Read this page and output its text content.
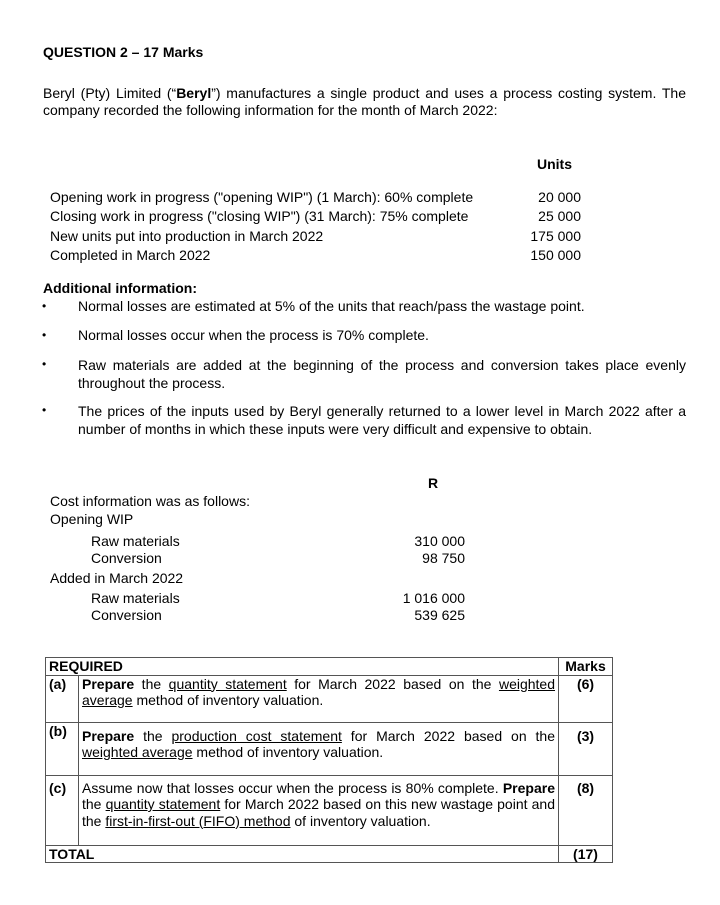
QUESTION 2 – 17 Marks
Beryl (Pty) Limited (“Beryl”) manufactures a single product and uses a process costing system. The company recorded the following information for the month of March 2022:
Units
Opening work in progress ("opening WIP") (1 March): 60% complete	20 000
Closing work in progress ("closing WIP") (31 March): 75% complete	25 000
New units put into production in March 2022	175 000
Completed in March 2022	150 000
Additional information:
• Normal losses are estimated at 5% of the units that reach/pass the wastage point.
• Normal losses occur when the process is 70% complete.
• Raw materials are added at the beginning of the process and conversion takes place evenly throughout the process.
• The prices of the inputs used by Beryl generally returned to a lower level in March 2022 after a number of months in which these inputs were very difficult and expensive to obtain.
R
Cost information was as follows:
Opening WIP
Raw materials	310 000
Conversion	98 750
Added in March 2022
Raw materials	1 016 000
Conversion	539 625
REQUIRED		Marks
(a)	Prepare the quantity statement for March 2022 based on the weighted average method of inventory valuation.	(6)
(b)	Prepare the production cost statement for March 2022 based on the weighted average method of inventory valuation.	(3)
(c)	Assume now that losses occur when the process is 80% complete. Prepare the quantity statement for March 2022 based on this new wastage point and the first-in-first-out (FIFO) method of inventory valuation.	(8)
TOTAL		(17)
